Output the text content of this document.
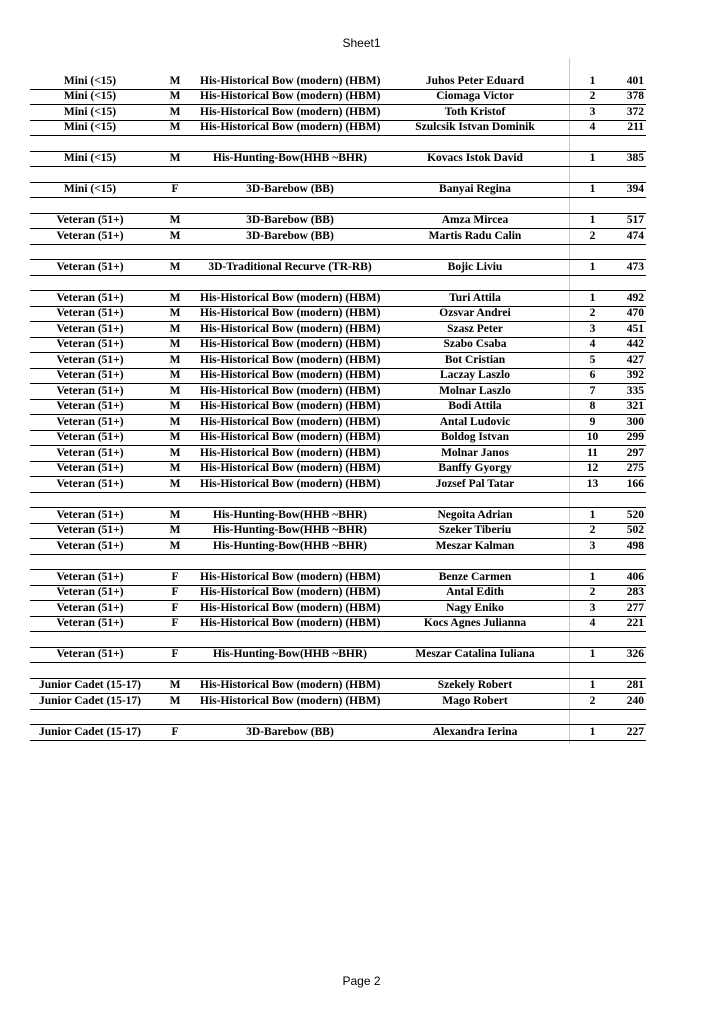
Sheet1
Mini (<15)	M	His-Historical Bow (modern) (HBM)	Juhos Peter Eduard	1	401
Mini (<15)	M	His-Historical Bow (modern) (HBM)	Ciomaga Victor	2	378
Mini (<15)	M	His-Historical Bow (modern) (HBM)	Toth Kristof	3	372
Mini (<15)	M	His-Historical Bow (modern) (HBM)	Szulcsik Istvan Dominik	4	211
Mini (<15)	M	His-Hunting-Bow(HHB ~BHR)	Kovacs Istok David	1	385
Mini (<15)	F	3D-Barebow (BB)	Banyai Regina	1	394
Veteran (51+)	M	3D-Barebow (BB)	Amza Mircea	1	517
Veteran (51+)	M	3D-Barebow (BB)	Martis Radu Calin	2	474
Veteran (51+)	M	3D-Traditional Recurve (TR-RB)	Bojic Liviu	1	473
Veteran (51+)	M	His-Historical Bow (modern) (HBM)	Turi Attila	1	492
Veteran (51+)	M	His-Historical Bow (modern) (HBM)	Ozsvar Andrei	2	470
Veteran (51+)	M	His-Historical Bow (modern) (HBM)	Szasz Peter	3	451
Veteran (51+)	M	His-Historical Bow (modern) (HBM)	Szabo Csaba	4	442
Veteran (51+)	M	His-Historical Bow (modern) (HBM)	Bot Cristian	5	427
Veteran (51+)	M	His-Historical Bow (modern) (HBM)	Laczay Laszlo	6	392
Veteran (51+)	M	His-Historical Bow (modern) (HBM)	Molnar Laszlo	7	335
Veteran (51+)	M	His-Historical Bow (modern) (HBM)	Bodi Attila	8	321
Veteran (51+)	M	His-Historical Bow (modern) (HBM)	Antal Ludovic	9	300
Veteran (51+)	M	His-Historical Bow (modern) (HBM)	Boldog Istvan	10	299
Veteran (51+)	M	His-Historical Bow (modern) (HBM)	Molnar Janos	11	297
Veteran (51+)	M	His-Historical Bow (modern) (HBM)	Banffy Gyorgy	12	275
Veteran (51+)	M	His-Historical Bow (modern) (HBM)	Jozsef Pal Tatar	13	166
Veteran (51+)	M	His-Hunting-Bow(HHB ~BHR)	Negoita Adrian	1	520
Veteran (51+)	M	His-Hunting-Bow(HHB ~BHR)	Szeker Tiberiu	2	502
Veteran (51+)	M	His-Hunting-Bow(HHB ~BHR)	Meszar Kalman	3	498
Veteran (51+)	F	His-Historical Bow (modern) (HBM)	Benze Carmen	1	406
Veteran (51+)	F	His-Historical Bow (modern) (HBM)	Antal Edith	2	283
Veteran (51+)	F	His-Historical Bow (modern) (HBM)	Nagy Eniko	3	277
Veteran (51+)	F	His-Historical Bow (modern) (HBM)	Kocs Agnes Julianna	4	221
Veteran (51+)	F	His-Hunting-Bow(HHB ~BHR)	Meszar Catalina Iuliana	1	326
Junior Cadet (15-17)	M	His-Historical Bow (modern) (HBM)	Szekely Robert	1	281
Junior Cadet (15-17)	M	His-Historical Bow (modern) (HBM)	Mago Robert	2	240
Junior Cadet (15-17)	F	3D-Barebow (BB)	Alexandra Ierina	1	227
Page 2
